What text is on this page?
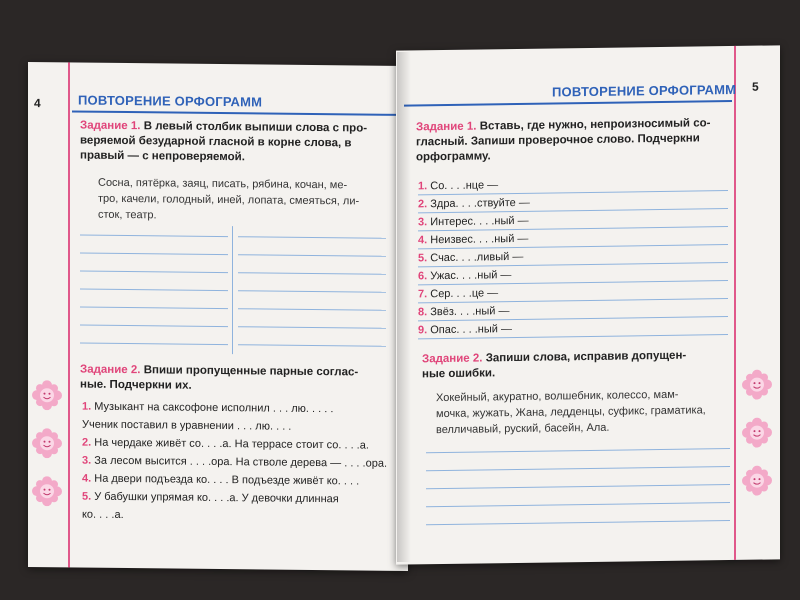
4	ПОВТОРЕНИЕ ОРФОГРАММ
Задание 1. В левый столбик выпиши слова с про-
веряемой безударной гласной в корне слова, в
правый — с непроверяемой.
Сосна, пятёрка, заяц, писать, рябина, кочан, ме-
тро, качели, голодный, иней, лопата, смеяться, ли-
сток, театр.
Задание 2. Впиши пропущенные парные соглас-
ные. Подчеркни их.
1. Музыкант на саксофоне исполнил . . . лю. . . . .
Ученик поставил в уравнении . . . лю. . . .
2. На чердаке живёт со. . . .а. На террасе стоит со. . . .а.
3. За лесом высится . . . .ора. На стволе дерева — . . . .ора.
4. На двери подъезда ко. . . . В подъезде живёт ко. . . .
5. У бабушки упрямая ко. . . .а. У девочки длинная
ко. . . .а.
5
ПОВТОРЕНИЕ ОРФОГРАММ
Задание 1. Вставь, где нужно, непроизносимый со-
гласный. Запиши проверочное слово. Подчеркни
орфограмму.
1. Со. . . .нце —
2. Здра. . . .ствуйте —
3. Интерес. . . .ный —
4. Неизвес. . . .ный —
5. Счас. . . .ливый —
6. Ужас. . . .ный —
7. Сер. . . .це —
8. Звёз. . . .ный —
9. Опас. . . .ный —
Задание 2. Запиши слова, исправив допущен-
ные ошибки.
Хокейный, акуратно, волшебник, колессо, мам-
мочка, жужать, Жана, ледденцы, суфикс, граматика,
велличавый, руский, басейн, Ала.
